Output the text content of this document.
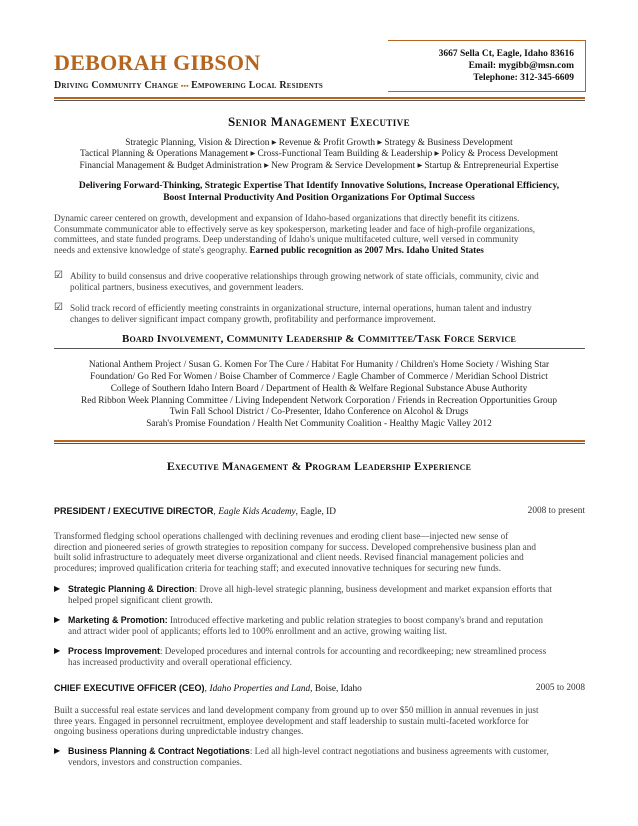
DEBORAH GIBSON
Driving Community Change ▪▪▪ Empowering Local Residents
3667 Sella Ct, Eagle, Idaho 83616
Email: mygibb@msn.com
Telephone: 312-345-6609
Senior Management Executive
Strategic Planning, Vision & Direction ▸ Revenue & Profit Growth ▸ Strategy & Business Development
Tactical Planning & Operations Management ▸ Cross-Functional Team Building & Leadership ▸ Policy & Process Development
Financial Management & Budget Administration ▸ New Program & Service Development ▸ Startup & Entrepreneurial Expertise
Delivering Forward-Thinking, Strategic Expertise That Identify Innovative Solutions, Increase Operational Efficiency,
Boost Internal Productivity And Position Organizations For Optimal Success
Dynamic career centered on growth, development and expansion of Idaho-based organizations that directly benefit its citizens.
Consummate communicator able to effectively serve as key spokesperson, marketing leader and face of high-profile organizations,
committees, and state funded programs. Deep understanding of Idaho's unique multifaceted culture, well versed in community
needs and extensive knowledge of state's geography. Earned public recognition as 2007 Mrs. Idaho United States
☑ Ability to build consensus and drive cooperative relationships through growing network of state officials, community, civic and
political partners, business executives, and government leaders.
☑ Solid track record of efficiently meeting constraints in organizational structure, internal operations, human talent and industry
changes to deliver significant impact company growth, profitability and performance improvement.
Board Involvement, Community Leadership & Committee/Task Force Service
National Anthem Project / Susan G. Komen For The Cure / Habitat For Humanity / Children's Home Society / Wishing Star
Foundation/ Go Red For Women / Boise Chamber of Commerce / Eagle Chamber of Commerce / Meridian School District
College of Southern Idaho Intern Board / Department of Health & Welfare Regional Substance Abuse Authority
Red Ribbon Week Planning Committee / Living Independent Network Corporation / Friends in Recreation Opportunities Group
Twin Fall School District / Co-Presenter, Idaho Conference on Alcohol & Drugs
Sarah's Promise Foundation / Health Net Community Coalition - Healthy Magic Valley 2012
Executive Management & Program Leadership Experience
PRESIDENT / EXECUTIVE DIRECTOR, Eagle Kids Academy, Eagle, ID	2008 to present
Transformed fledging school operations challenged with declining revenues and eroding client base—injected new sense of
direction and pioneered series of growth strategies to reposition company for success. Developed comprehensive business plan and
built solid infrastructure to adequately meet diverse organizational and client needs. Revised financial management policies and
procedures; improved qualification criteria for teaching staff; and executed innovative techniques for securing new funds.
▶ Strategic Planning & Direction: Drove all high-level strategic planning, business development and market expansion efforts that
helped propel significant client growth.
▶ Marketing & Promotion: Introduced effective marketing and public relation strategies to boost company's brand and reputation
and attract wider pool of applicants; efforts led to 100% enrollment and an active, growing waiting list.
▶ Process Improvement: Developed procedures and internal controls for accounting and recordkeeping; new streamlined process
has increased productivity and overall operational efficiency.
CHIEF EXECUTIVE OFFICER (CEO), Idaho Properties and Land, Boise, Idaho	2005 to 2008
Built a successful real estate services and land development company from ground up to over $50 million in annual revenues in just
three years. Engaged in personnel recruitment, employee development and staff leadership to sustain multi-faceted workforce for
ongoing business operations during unpredictable industry changes.
▶ Business Planning & Contract Negotiations: Led all high-level contract negotiations and business agreements with customer,
vendors, investors and construction companies.
